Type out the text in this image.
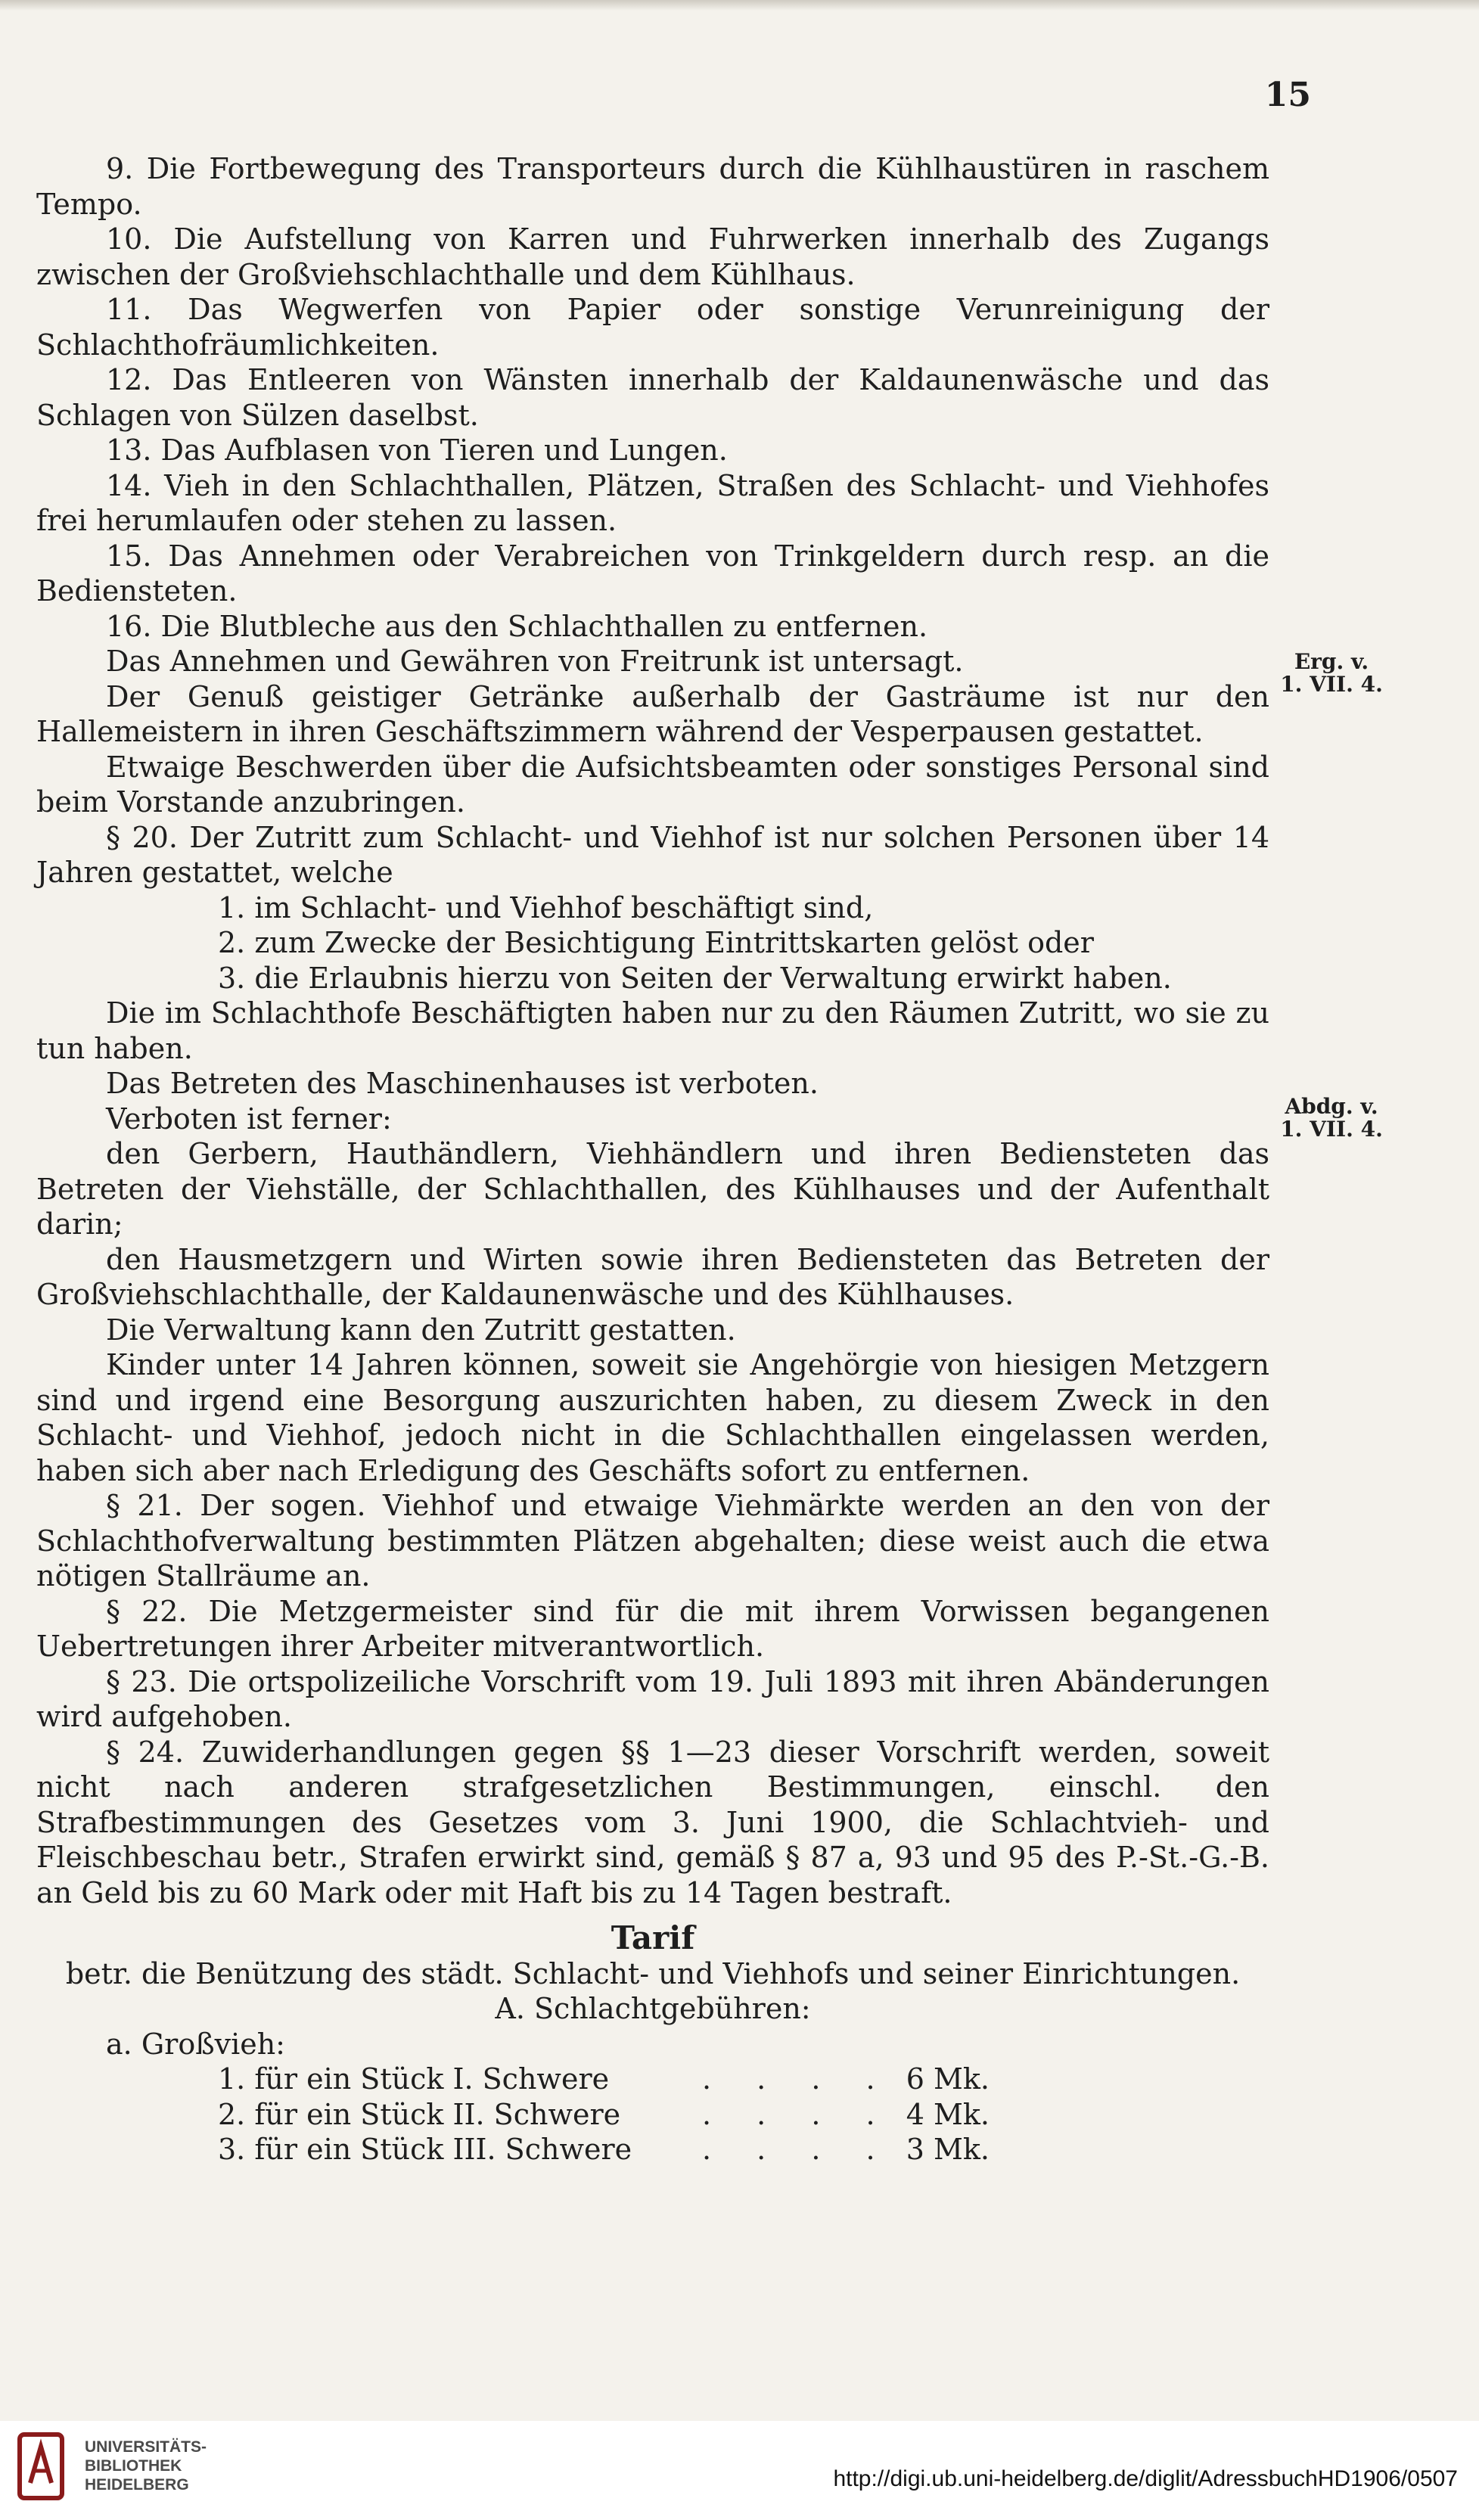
15

9. Die Fortbewegung des Transporteurs durch die Kühlhaustüren in raschem Tempo.

10. Die Aufstellung von Karren und Fuhrwerken innerhalb des Zugangs zwischen der Großviehschlachthalle und dem Kühlhaus.

11. Das Wegwerfen von Papier oder sonstige Verunreinigung der Schlachthofräumlichkeiten.

12. Das Entleeren von Wänsten innerhalb der Kaldaunenwäsche und das Schlagen von Sülzen daselbst.

13. Das Aufblasen von Tieren und Lungen.

14. Vieh in den Schlachthallen, Plätzen, Straßen des Schlacht- und Viehhofes frei herumlaufen oder stehen zu lassen.

15. Das Annehmen oder Verabreichen von Trinkgeldern durch resp. an die Bediensteten.

16. Die Blutbleche aus den Schlachthallen zu entfernen.

Das Annehmen und Gewähren von Freitrunk ist untersagt.

Der Genuß geistiger Getränke außerhalb der Gasträume ist nur den Hallemeistern in ihren Geschäftszimmern während der Vesperpausen gestattet.

Etwaige Beschwerden über die Aufsichtsbeamten oder sonstiges Personal sind beim Vorstande anzubringen.

§ 20. Der Zutritt zum Schlacht- und Viehhof ist nur solchen Personen über 14 Jahren gestattet, welche

1. im Schlacht- und Viehhof beschäftigt sind,

2. zum Zwecke der Besichtigung Eintrittskarten gelöst oder

3. die Erlaubnis hierzu von Seiten der Verwaltung erwirkt haben.

Die im Schlachthofe Beschäftigten haben nur zu den Räumen Zutritt, wo sie zu tun haben.

Das Betreten des Maschinenhauses ist verboten.

Verboten ist ferner:

den Gerbern, Hauthändlern, Viehhändlern und ihren Bediensteten das Betreten der Viehställe, der Schlachthallen, des Kühlhauses und der Aufenthalt darin;

den Hausmetzgern und Wirten sowie ihren Bediensteten das Betreten der Großviehschlachthalle, der Kaldaunenwäsche und des Kühlhauses.

Die Verwaltung kann den Zutritt gestatten.

Kinder unter 14 Jahren können, soweit sie Angehörgie von hiesigen Metzgern sind und irgend eine Besorgung auszurichten haben, zu diesem Zweck in den Schlacht- und Viehhof, jedoch nicht in die Schlachthallen eingelassen werden, haben sich aber nach Erledigung des Geschäfts sofort zu entfernen.

§ 21. Der sogen. Viehhof und etwaige Viehmärkte werden an den von der Schlachthofverwaltung bestimmten Plätzen abgehalten; diese weist auch die etwa nötigen Stallräume an.

§ 22. Die Metzgermeister sind für die mit ihrem Vorwissen begangenen Uebertretungen ihrer Arbeiter mitverantwortlich.

§ 23. Die ortspolizeiliche Vorschrift vom 19. Juli 1893 mit ihren Abänderungen wird aufgehoben.

§ 24. Zuwiderhandlungen gegen §§ 1—23 dieser Vorschrift werden, soweit nicht nach anderen strafgesetzlichen Bestimmungen, einschl. den Strafbestimmungen des Gesetzes vom 3. Juni 1900, die Schlachtvieh- und Fleischbeschau betr., Strafen erwirkt sind, gemäß § 87 a, 93 und 95 des P.-St.-G.-B. an Geld bis zu 60 Mark oder mit Haft bis zu 14 Tagen bestraft.

Tarif

betr. die Benützung des städt. Schlacht- und Viehhofs und seiner Einrichtungen.

A. Schlachtgebühren:

a. Großvieh:

1. für ein Stück I. Schwere	. . . . 6 Mk.
2. für ein Stück II. Schwere	. . . . 4 Mk.
3. für ein Stück III. Schwere	. . . . 3 Mk.
Erg. v.
1. VII. 4.
Abdg. v.
1. VII. 4.
UNIVERSITÄTS-
BIBLIOTHEK
HEIDELBERG	http://digi.ub.uni-heidelberg.de/diglit/AdressbuchHD1906/0507
